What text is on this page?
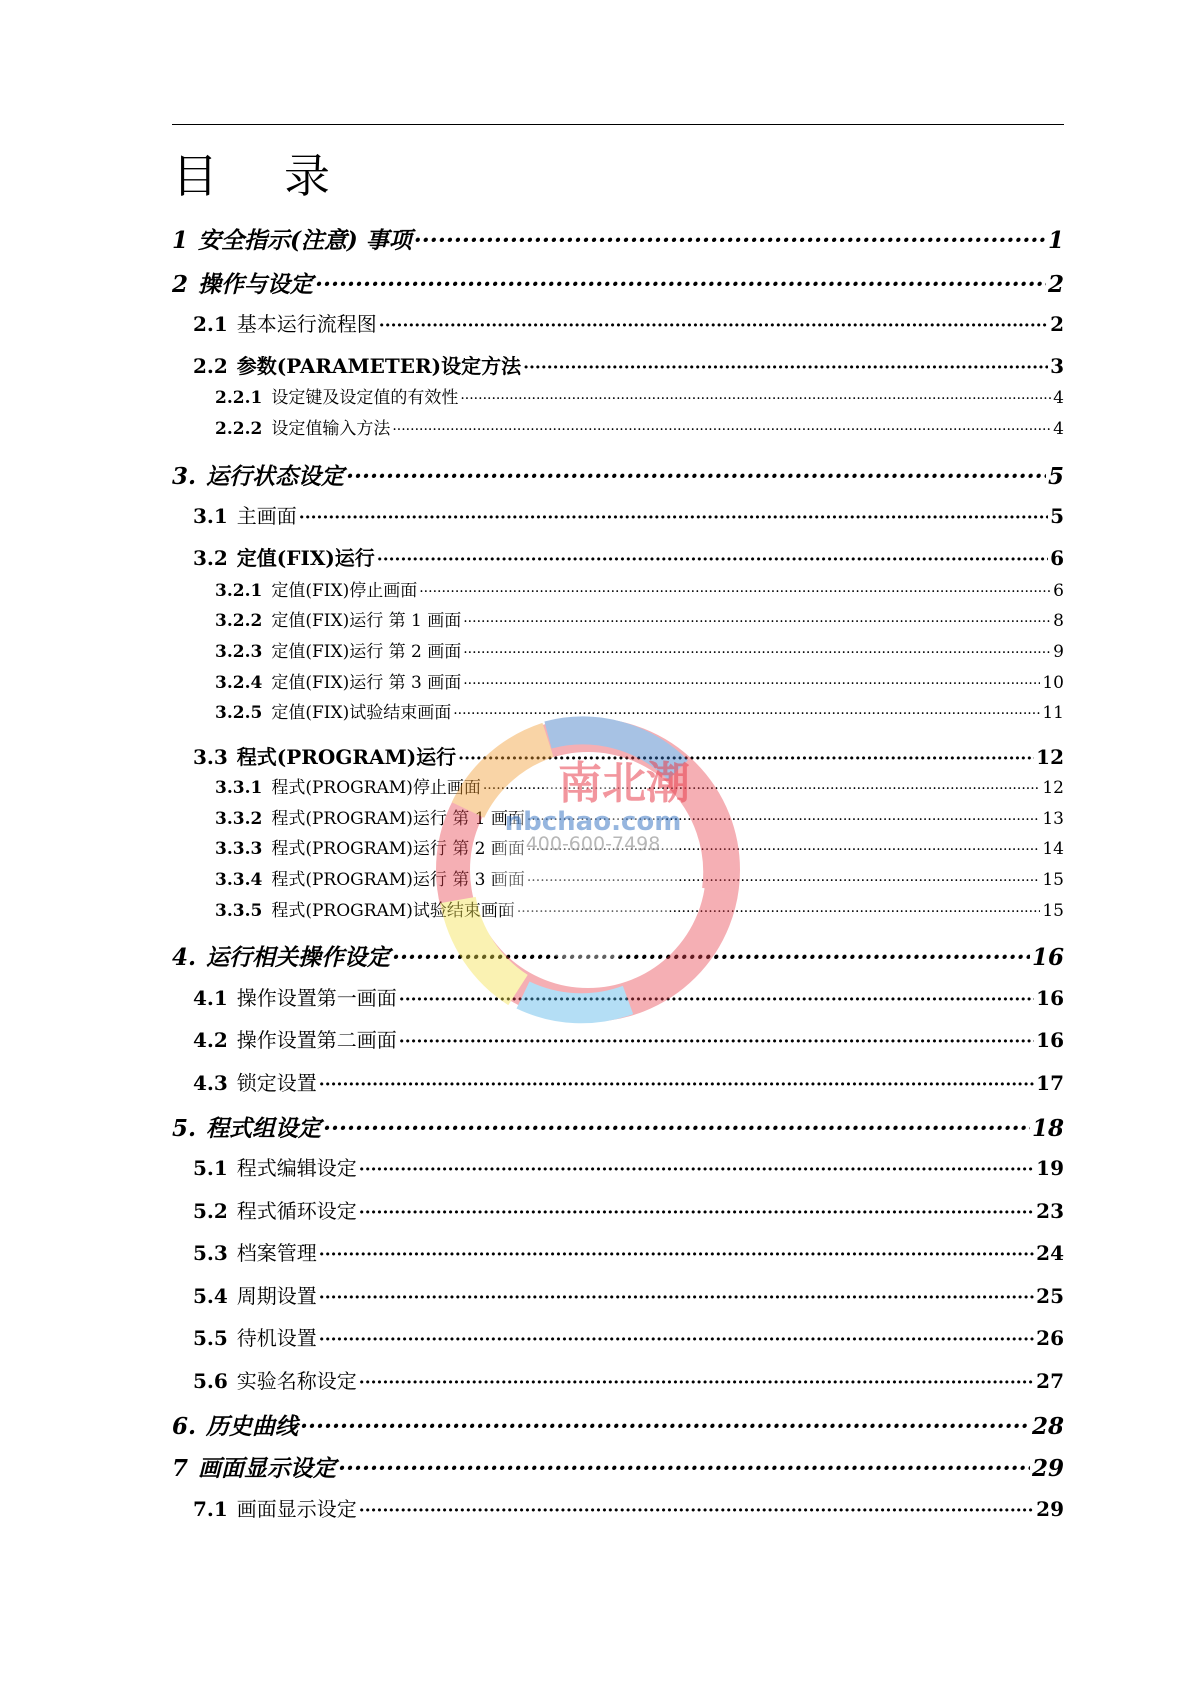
目 录
1 安全指示(注意) 事项 ·····	1
2 操作与设定 ·····	2
2.1 基本运行流程图 ·····	2
2.2 参数(PARAMETER)设定方法 ·····	3
2.2.1 设定键及设定值的有效性 ·····	4
2.2.2 设定值输入方法 ·····	4
3. 运行状态设定 ·····	5
3.1 主画面 ·····	5
3.2 定值(FIX)运行 ·····	6
3.2.1 定值(FIX)停止画面 ·····	6
3.2.2 定值(FIX)运行 第 1 画面 ·····	8
3.2.3 定值(FIX)运行 第 2 画面 ·····	9
3.2.4 定值(FIX)运行 第 3 画面 ·····	10
3.2.5 定值(FIX)试验结束画面 ·····	11
3.3 程式(PROGRAM)运行 ·····	12
3.3.1 程式(PROGRAM)停止画面 ·····	12
3.3.2 程式(PROGRAM)运行 第 1 画面 ·····	13
3.3.3 程式(PROGRAM)运行 第 2 画面 ·····	14
3.3.4 程式(PROGRAM)运行 第 3 画面 ·····	15
3.3.5 程式(PROGRAM)试验结束画面 ·····	15
4. 运行相关操作设定 ·····	16
4.1 操作设置第一画面 ·····	16
4.2 操作设置第二画面 ·····	16
4.3 锁定设置 ·····	17
5. 程式组设定 ·····	18
5.1 程式编辑设定 ·····	19
5.2 程式循环设定 ·····	23
5.3 档案管理 ·····	24
5.4 周期设置 ·····	25
5.5 待机设置 ·····	26
5.6 实验名称设定 ·····	27
6. 历史曲线 ·····	28
7 画面显示设定 ·····	29
7.1 画面显示设定 ·····	29
南北潮
nbchao.com
400-600-7498
